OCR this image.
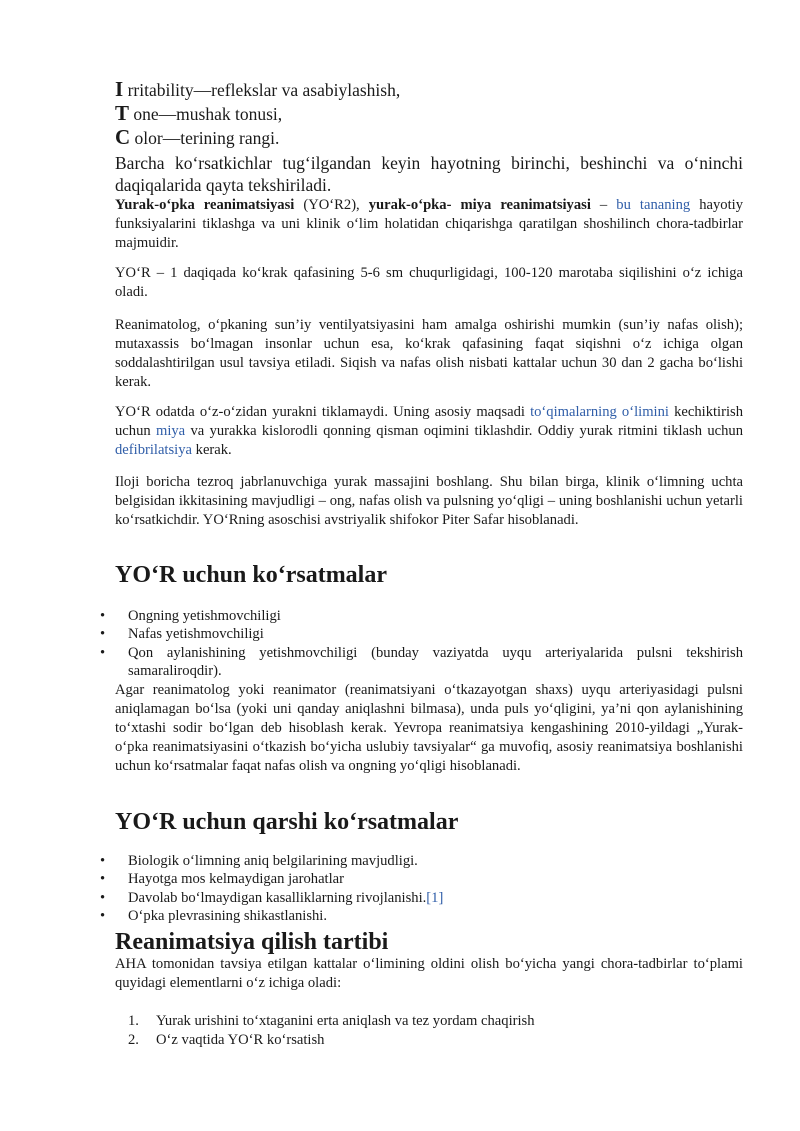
I rritability—reflekslar va asabiylashish,

T one—mushak tonusi,

C olor—terining rangi.

Barcha ko‘rsatkichlar tug‘ilgandan keyin hayotning birinchi, beshinchi va o‘ninchi daqiqalarida qayta tekshiriladi.

Yurak-o‘pka reanimatsiyasi (YO‘R2), yurak-o‘pka- miya reanimatsiyasi – bu tananing hayotiy funksiyalarini tiklashga va uni klinik o‘lim holatidan chiqarishga qaratilgan shoshilinch chora-tadbirlar majmuidir.

YO‘R – 1 daqiqada ko‘krak qafasining 5-6 sm chuqurligidagi, 100-120 marotaba siqilishini o‘z ichiga oladi.

Reanimatolog, o‘pkaning sun’iy ventilyatsiyasini ham amalga oshirishi mumkin (sun’iy nafas olish); mutaxassis bo‘lmagan insonlar uchun esa, ko‘krak qafasining faqat siqishni o‘z ichiga olgan soddalashtirilgan usul tavsiya etiladi. Siqish va nafas olish nisbati kattalar uchun 30 dan 2 gacha bo‘lishi kerak.

YO‘R odatda o‘z-o‘zidan yurakni tiklamaydi. Uning asosiy maqsadi to‘qimalarning o‘limini kechiktirish uchun miya va yurakka kislorodli qonning qisman oqimini tiklashdir. Oddiy yurak ritmini tiklash uchun defibrilatsiya kerak.

Iloji boricha tezroq jabrlanuvchiga yurak massajini boshlang. Shu bilan birga, klinik o‘limning uchta belgisidan ikkitasining mavjudligi – ong, nafas olish va pulsning yo‘qligi – uning boshlanishi uchun yetarli ko‘rsatkichdir. YO‘Rning asoschisi avstriyalik shifokor Piter Safar hisoblanadi.

YO‘R uchun ko‘rsatmalar
• Ongning yetishmovchiligi
• Nafas yetishmovchiligi
• Qon aylanishining yetishmovchiligi (bunday vaziyatda uyqu arteriyalarida pulsni tekshirish samaraliroqdir).

Agar reanimatolog yoki reanimator (reanimatsiyani o‘tkazayotgan shaxs) uyqu arteriyasidagi pulsni aniqlamagan bo‘lsa (yoki uni qanday aniqlashni bilmasa), unda puls yo‘qligini, ya’ni qon aylanishining to‘xtashi sodir bo‘lgan deb hisoblash kerak. Yevropa reanimatsiya kengashining 2010-yildagi „Yurak-o‘pka reanimatsiyasini o‘tkazish bo‘yicha uslubiy tavsiyalar“ ga muvofiq, asosiy reanimatsiya boshlanishi uchun ko‘rsatmalar faqat nafas olish va ongning yo‘qligi hisoblanadi.

YO‘R uchun qarshi ko‘rsatmalar
• Biologik o‘limning aniq belgilarining mavjudligi.
• Hayotga mos kelmaydigan jarohatlar
• Davolab bo‘lmaydigan kasalliklarning rivojlanishi.[1]
• O‘pka plevrasining shikastlanishi.
Reanimatsiya qilish tartibi

AHA tomonidan tavsiya etilgan kattalar o‘limining oldini olish bo‘yicha yangi chora-tadbirlar to‘plami quyidagi elementlarni o‘z ichiga oladi:

1. Yurak urishini to‘xtaganini erta aniqlash va tez yordam chaqirish
2. O‘z vaqtida YO‘R ko‘rsatish
